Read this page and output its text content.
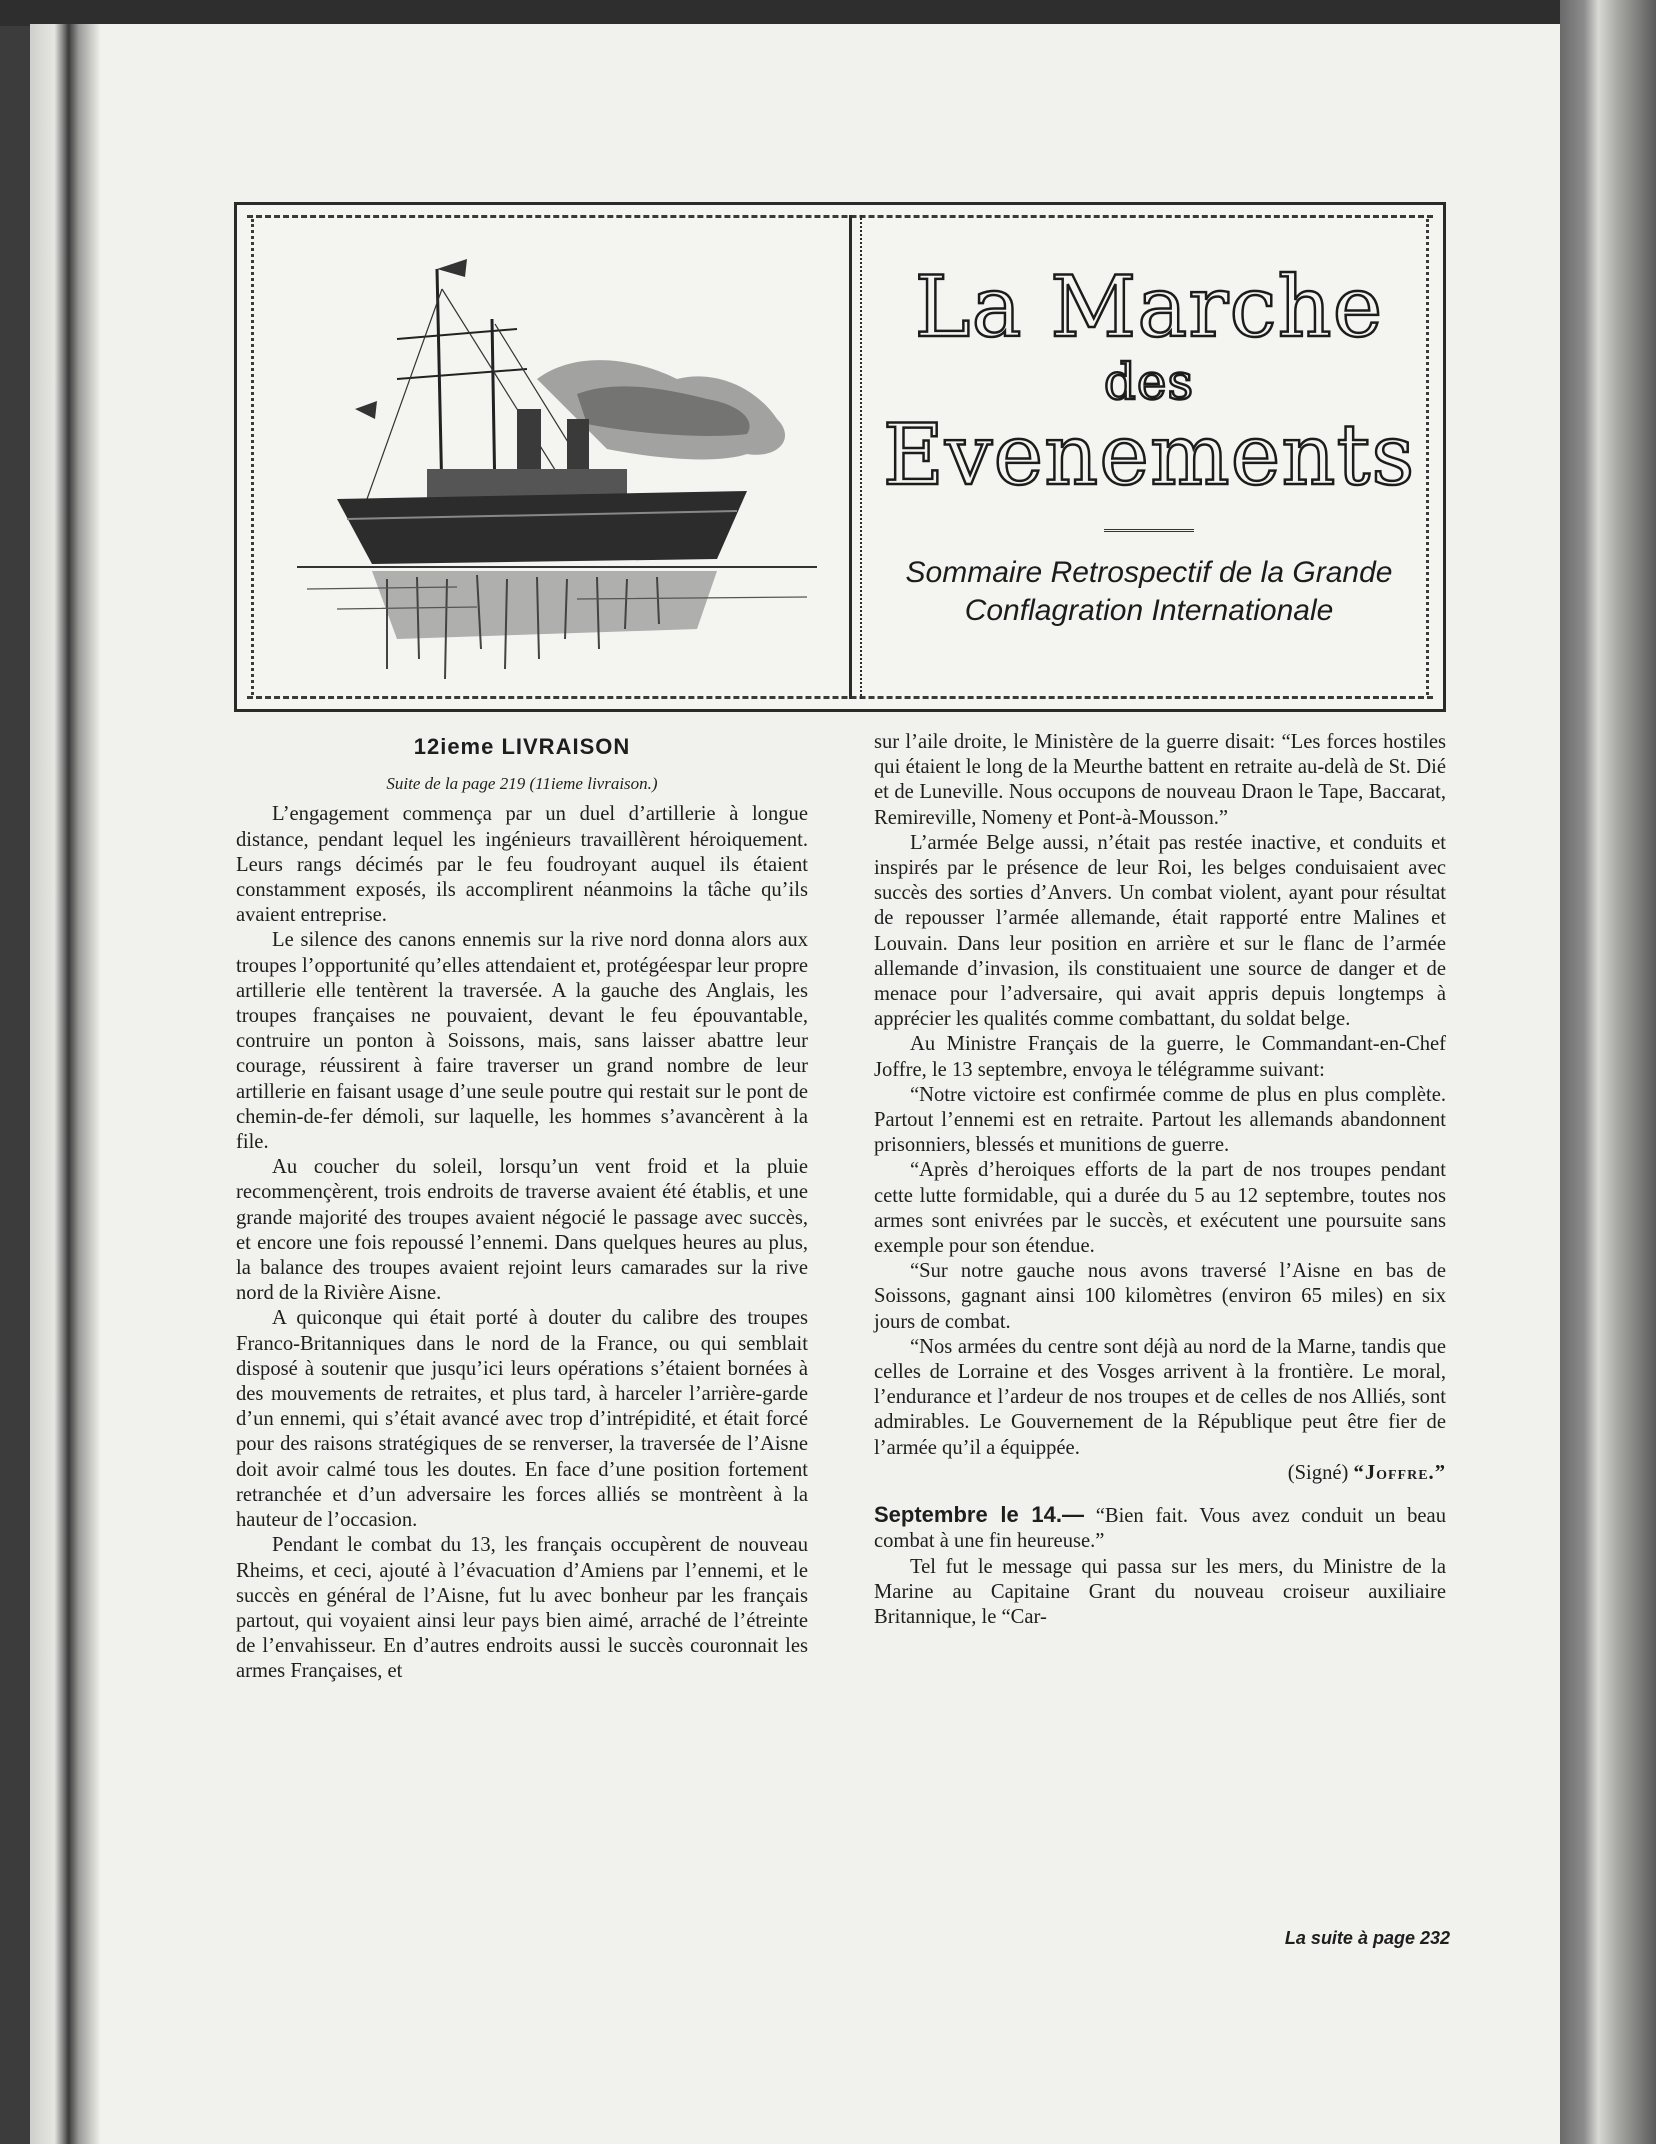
La Marche
des
Evenements
Sommaire Retrospectif de la Grande
Conflagration Internationale
12ieme LIVRAISON
Suite de la page 219 (11ieme livraison.)

L’engagement commença par un duel d’artillerie à longue distance, pendant lequel les ingénieurs travaillèrent héroiquement. Leurs rangs décimés par le feu foudroyant auquel ils étaient constamment exposés, ils accomplirent néanmoins la tâche qu’ils avaient entreprise.

Le silence des canons ennemis sur la rive nord donna alors aux troupes l’opportunité qu’elles attendaient et, protégéespar leur propre artillerie elle tentèrent la traversée. A la gauche des Anglais, les troupes françaises ne pouvaient, devant le feu épouvantable, contruire un ponton à Soissons, mais, sans laisser abattre leur courage, réussirent à faire traverser un grand nombre de leur artillerie en faisant usage d’une seule poutre qui restait sur le pont de chemin-de-fer démoli, sur laquelle, les hommes s’avancèrent à la file.

Au coucher du soleil, lorsqu’un vent froid et la pluie recommençèrent, trois endroits de traverse avaient été établis, et une grande majorité des troupes avaient négocié le passage avec succès, et encore une fois repoussé l’ennemi. Dans quelques heures au plus, la balance des troupes avaient rejoint leurs camarades sur la rive nord de la Rivière Aisne.

A quiconque qui était porté à douter du calibre des troupes Franco-Britanniques dans le nord de la France, ou qui semblait disposé à soutenir que jusqu’ici leurs opérations s’étaient bornées à des mouvements de retraites, et plus tard, à harceler l’arrière-garde d’un ennemi, qui s’était avancé avec trop d’intrépidité, et était forcé pour des raisons stratégiques de se renverser, la traversée de l’Aisne doit avoir calmé tous les doutes. En face d’une position fortement retranchée et d’un adversaire les forces alliés se montrèent à la hauteur de l’occasion.

Pendant le combat du 13, les français occupèrent de nouveau Rheims, et ceci, ajouté à l’évacuation d’Amiens par l’ennemi, et le succès en général de l’Aisne, fut lu avec bonheur par les français partout, qui voyaient ainsi leur pays bien aimé, arraché de l’étreinte de l’envahisseur. En d’autres endroits aussi le succès couronnait les armes Françaises, et

sur l’aile droite, le Ministère de la guerre disait: “Les forces hostiles qui étaient le long de la Meurthe battent en retraite au-delà de St. Dié et de Luneville. Nous occupons de nouveau Draon le Tape, Baccarat, Remireville, Nomeny et Pont-à-Mousson.”

L’armée Belge aussi, n’était pas restée inactive, et conduits et inspirés par le présence de leur Roi, les belges conduisaient avec succès des sorties d’Anvers. Un combat violent, ayant pour résultat de repousser l’armée allemande, était rapporté entre Malines et Louvain. Dans leur position en arrière et sur le flanc de l’armée allemande d’invasion, ils constituaient une source de danger et de menace pour l’adversaire, qui avait appris depuis longtemps à apprécier les qualités comme combattant, du soldat belge.

Au Ministre Français de la guerre, le Commandant-en-Chef Joffre, le 13 septembre, envoya le télégramme suivant:

“Notre victoire est confirmée comme de plus en plus complète. Partout l’ennemi est en retraite. Partout les allemands abandonnent prisonniers, blessés et munitions de guerre.

“Après d’heroiques efforts de la part de nos troupes pendant cette lutte formidable, qui a durée du 5 au 12 septembre, toutes nos armes sont enivrées par le succès, et exécutent une poursuite sans exemple pour son étendue.

“Sur notre gauche nous avons traversé l’Aisne en bas de Soissons, gagnant ainsi 100 kilomètres (environ 65 miles) en six jours de combat.

“Nos armées du centre sont déjà au nord de la Marne, tandis que celles de Lorraine et des Vosges arrivent à la frontière. Le moral, l’endurance et l’ardeur de nos troupes et de celles de nos Alliés, sont admirables. Le Gouvernement de la République peut être fier de l’armée qu’il a équippée.

(Signé) “Joffre.”

Septembre le 14.— “Bien fait. Vous avez conduit un beau combat à une fin heureuse.”

Tel fut le message qui passa sur les mers, du Ministre de la Marine au Capitaine Grant du nouveau croiseur auxiliaire Britannique, le “Car-

La suite à page 232
